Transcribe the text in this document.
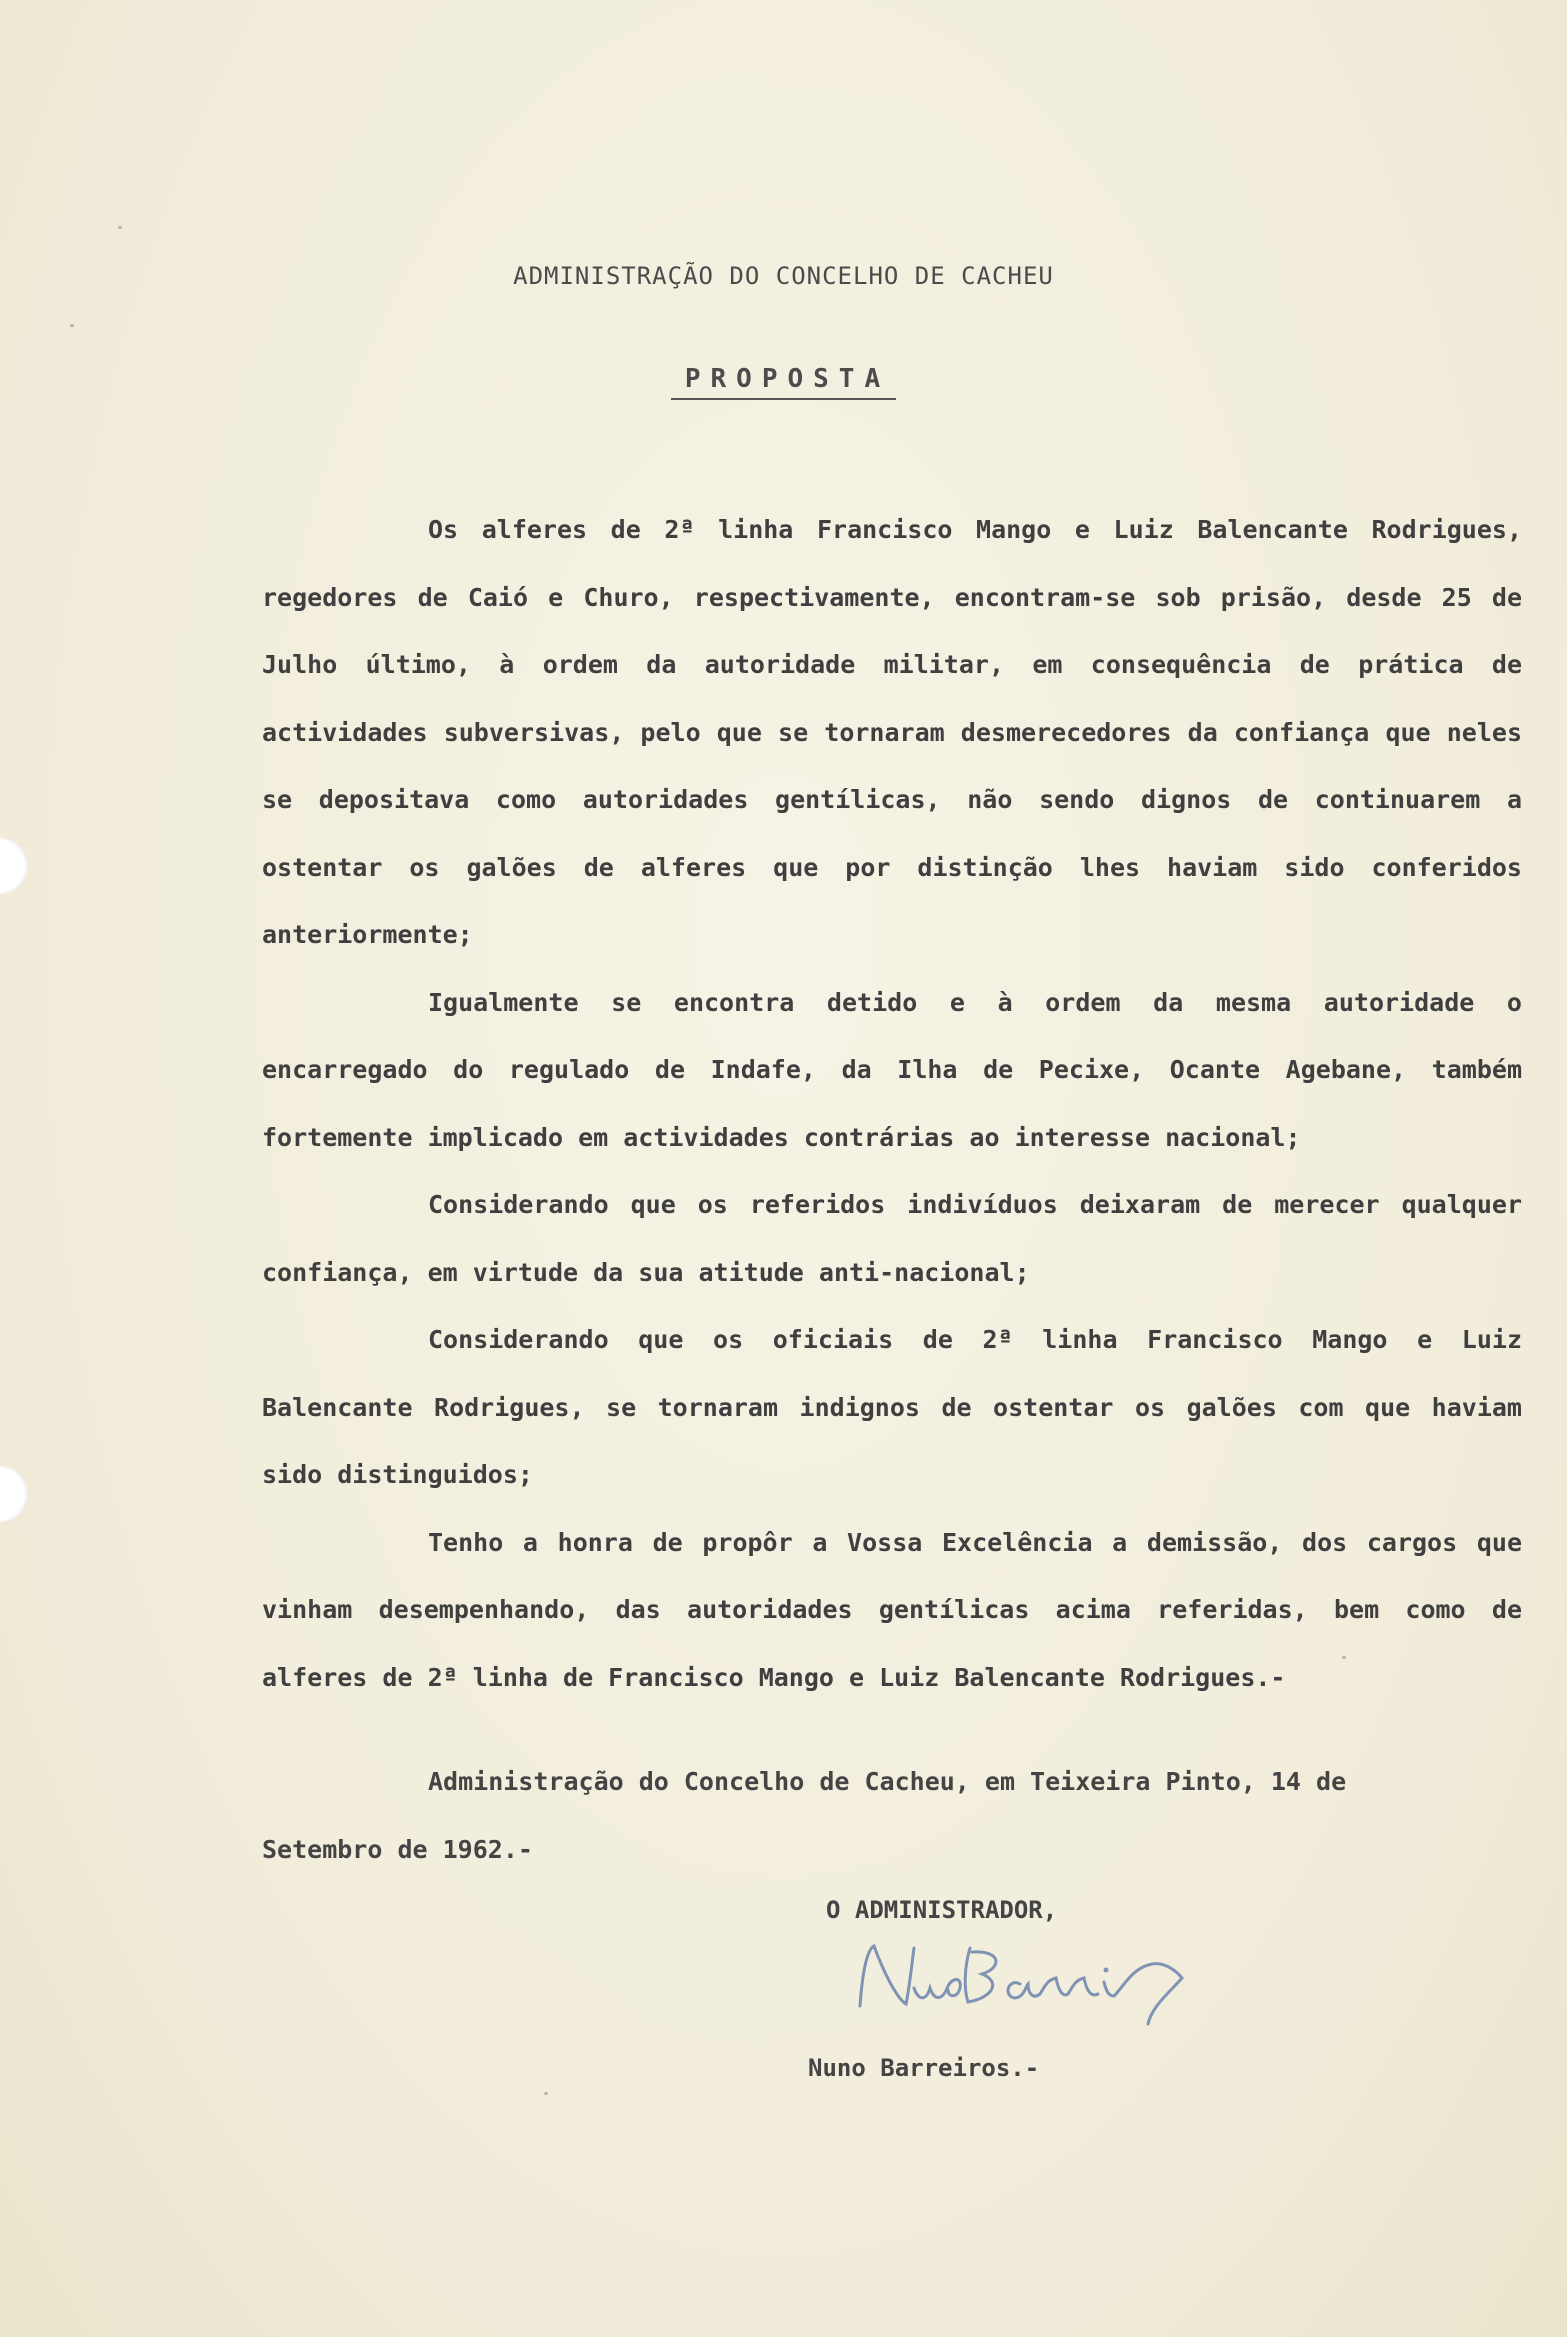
ADMINISTRAÇÃO DO CONCELHO DE CACHEU
PROPOSTA

Os alferes de 2ª linha Francisco Mango e Luiz Balencante Rodrigues, regedores de Caió e Churo, respectivamente, encontram-se sob prisão, desde 25 de Julho último, à ordem da autoridade militar, em consequência de prática de actividades subversivas, pelo que se tornaram desmerecedores da confiança que neles se depositava como autoridades gentílicas, não sendo dignos de continuarem a ostentar os galões de alferes que por distinção lhes haviam sido conferidos anteriormente;

Igualmente se encontra detido e à ordem da mesma autoridade o encarregado do regulado de Indafe, da Ilha de Pecixe, Ocante Agebane, também fortemente implicado em actividades contrárias ao interesse nacional;

Considerando que os referidos indivíduos deixaram de merecer qualquer confiança, em virtude da sua atitude anti-nacional;

Considerando que os oficiais de 2ª linha Francisco Mango e Luiz Balencante Rodrigues, se tornaram indignos de ostentar os galões com que haviam sido distinguidos;

Tenho a honra de propôr a Vossa Excelência a demissão, dos cargos que vinham desempenhando, das autoridades gentílicas acima referidas, bem como de alferes de 2ª linha de Francisco Mango e Luiz Balencante Rodrigues.-

Administração do Concelho de Cacheu, em Teixeira Pinto, 14 de Setembro de 1962.-
O ADMINISTRADOR,
Nuno Barreiros.-
